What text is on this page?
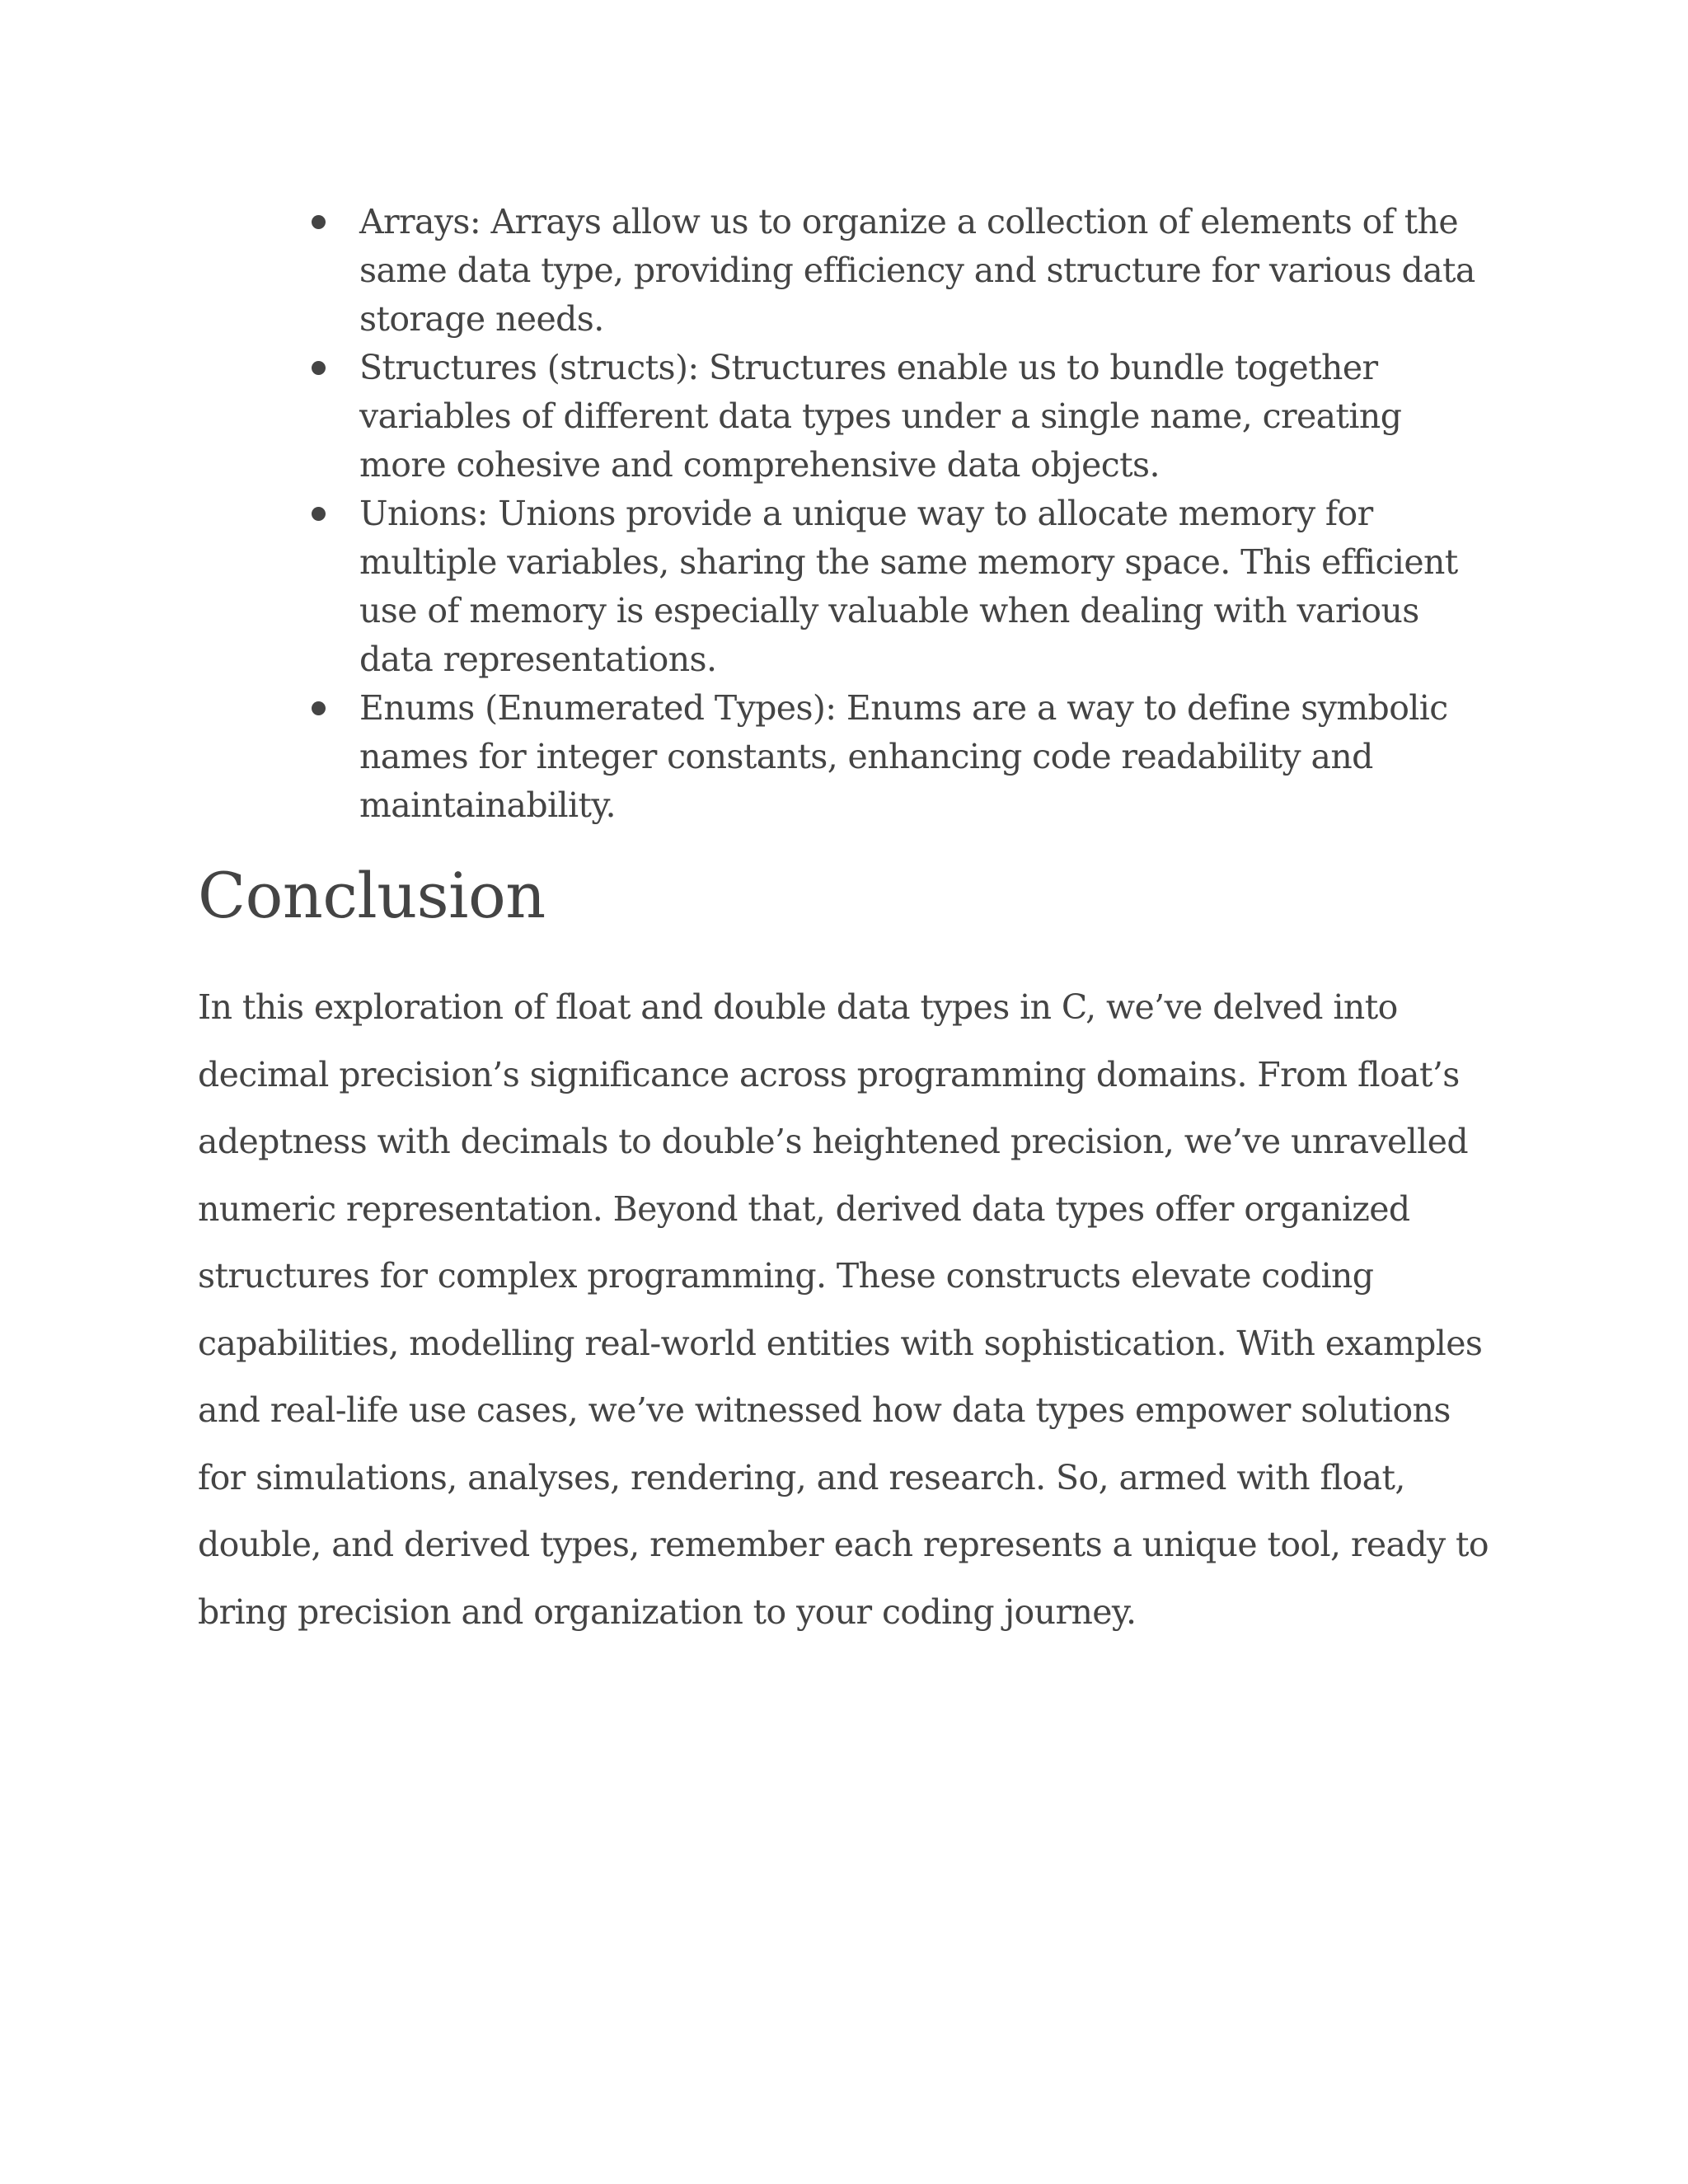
Arrays: Arrays allow us to organize a collection of elements of the same data type, providing efficiency and structure for various data storage needs.
Structures (structs): Structures enable us to bundle together variables of different data types under a single name, creating more cohesive and comprehensive data objects.
Unions: Unions provide a unique way to allocate memory for multiple variables, sharing the same memory space. This efficient use of memory is especially valuable when dealing with various data representations.
Enums (Enumerated Types): Enums are a way to define symbolic names for integer constants, enhancing code readability and maintainability.
Conclusion

In this exploration of float and double data types in C, we’ve delved into decimal precision’s significance across programming domains. From float’s adeptness with decimals to double’s heightened precision, we’ve unravelled numeric representation. Beyond that, derived data types offer organized structures for complex programming. These constructs elevate coding capabilities, modelling real-world entities with sophistication. With examples and real-life use cases, we’ve witnessed how data types empower solutions for simulations, analyses, rendering, and research. So, armed with float, double, and derived types, remember each represents a unique tool, ready to bring precision and organization to your coding journey.
